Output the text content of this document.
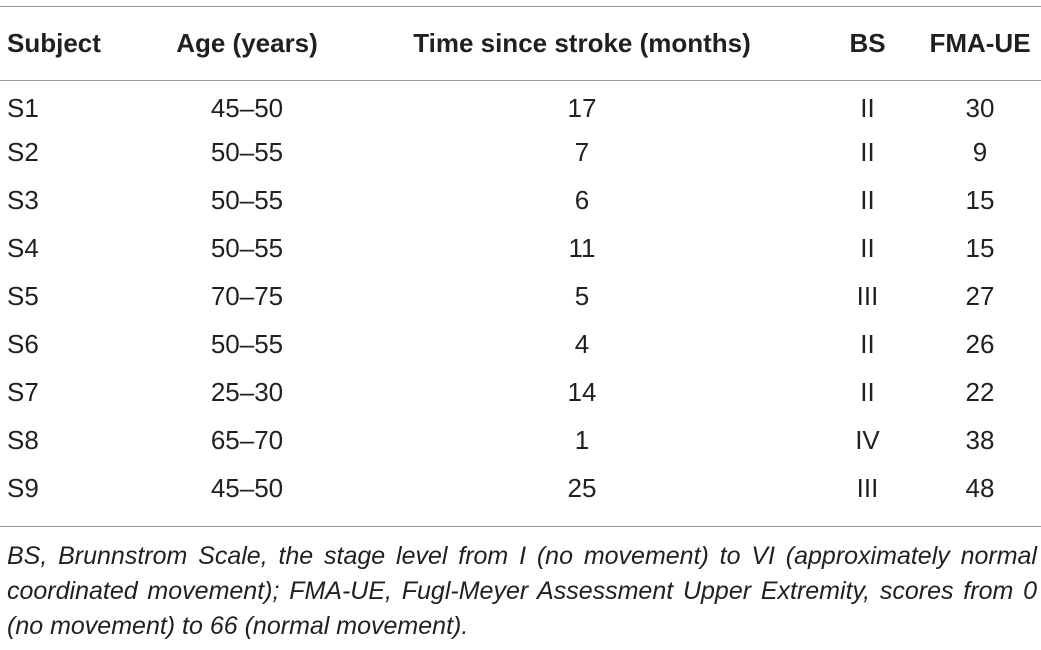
Subject	Age (years)	Time since stroke (months)	BS	FMA-UE
S1	45–50	17	II	30
S2	50–55	7	II	9
S3	50–55	6	II	15
S4	50–55	11	II	15
S5	70–75	5	III	27
S6	50–55	4	II	26
S7	25–30	14	II	22
S8	65–70	1	IV	38
S9	45–50	25	III	48
BS, Brunnstrom Scale, the stage level from I (no movement) to VI (approximately normal coordinated movement); FMA-UE, Fugl-Meyer Assessment Upper Extremity, scores from 0 (no movement) to 66 (normal movement).
